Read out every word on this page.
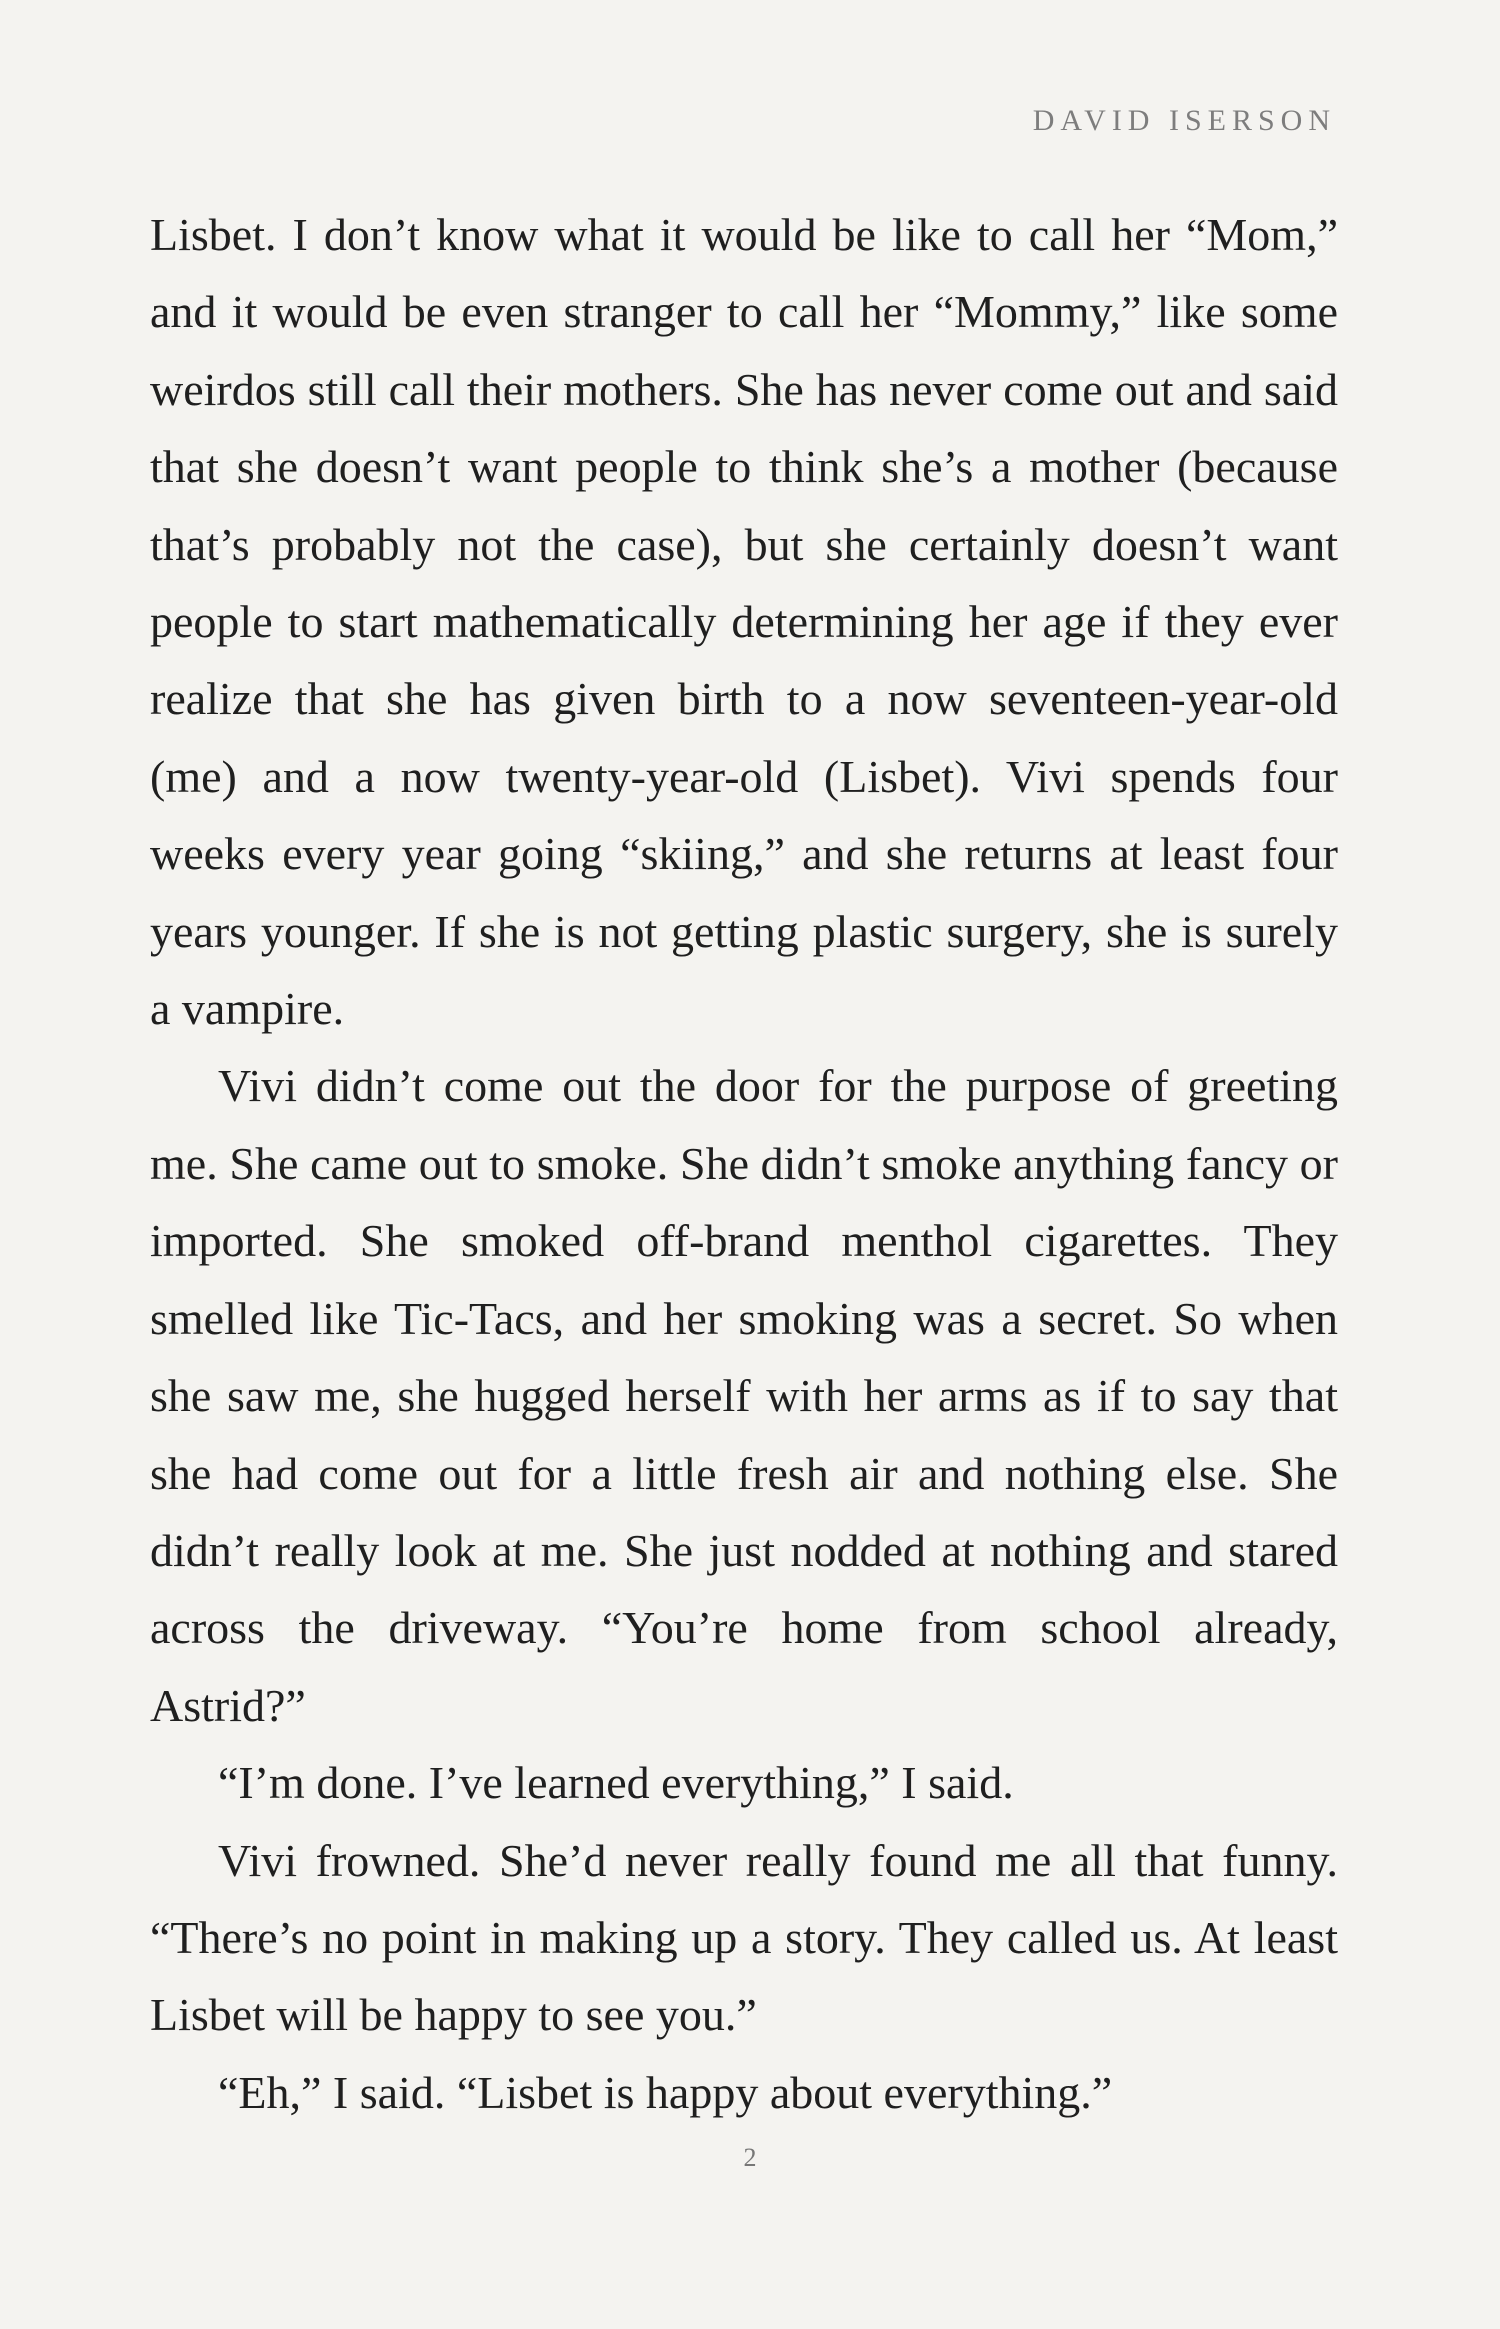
DAVID ISERSON

Lisbet. I don’t know what it would be like to call her “Mom,” and it would be even stranger to call her “Mommy,” like some weirdos still call their mothers. She has never come out and said that she doesn’t want people to think she’s a mother (because that’s probably not the case), but she certainly doesn’t want people to start mathematically determining her age if they ever realize that she has given birth to a now seventeen-year-old (me) and a now twenty-year-old (Lisbet). Vivi spends four weeks every year going “skiing,” and she returns at least four years younger. If she is not getting plastic surgery, she is surely a vampire.

Vivi didn’t come out the door for the purpose of greeting me. She came out to smoke. She didn’t smoke anything fancy or imported. She smoked off-brand menthol cigarettes. They smelled like Tic-Tacs, and her smoking was a secret. So when she saw me, she hugged herself with her arms as if to say that she had come out for a little fresh air and nothing else. She didn’t really look at me. She just nodded at nothing and stared across the driveway. “You’re home from school already, Astrid?”

“I’m done. I’ve learned everything,” I said.

Vivi frowned. She’d never really found me all that funny. “There’s no point in making up a story. They called us. At least Lisbet will be happy to see you.”

“Eh,” I said. “Lisbet is happy about everything.”

2
